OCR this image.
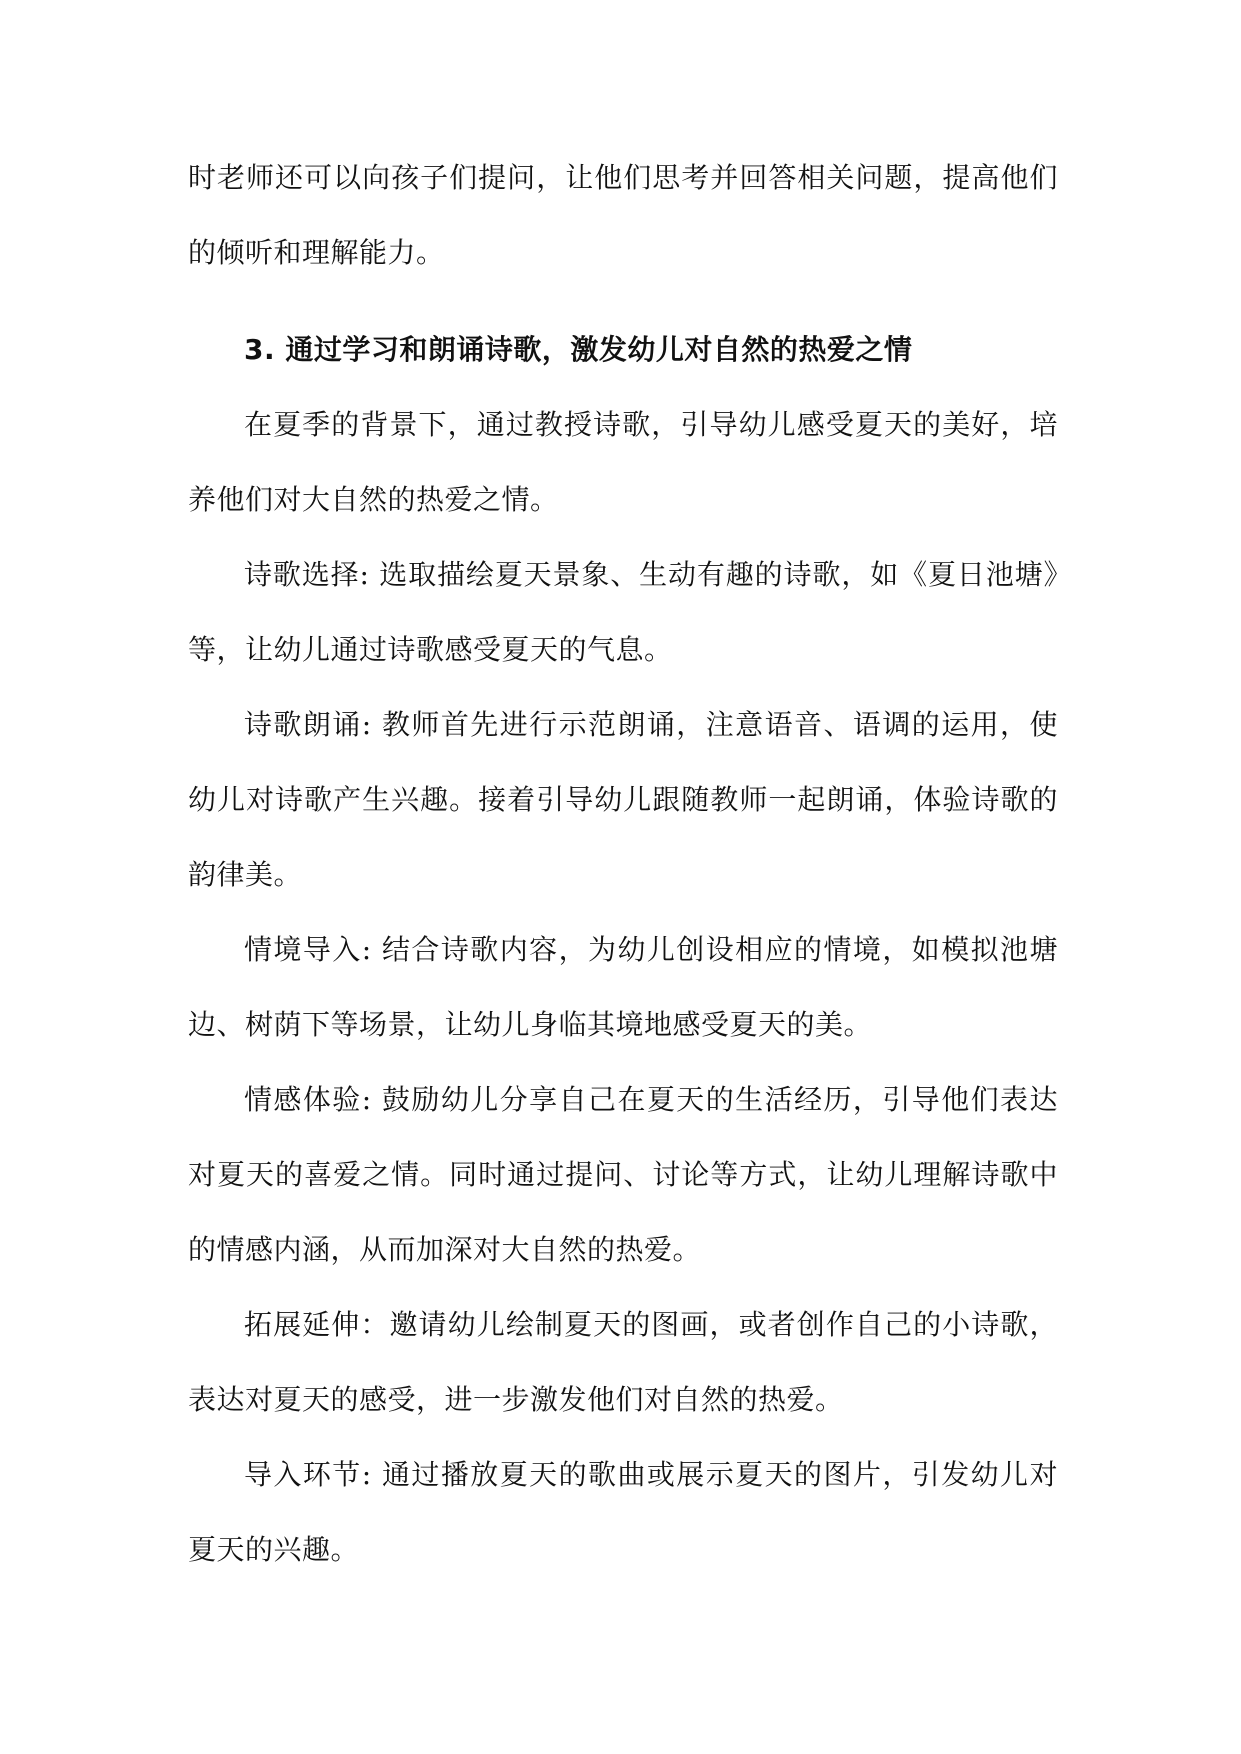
时老师还可以向孩子们提问，让他们思考并回答相关问题，提高他们的倾听和理解能力。

3. 通过学习和朗诵诗歌，激发幼儿对自然的热爱之情

在夏季的背景下，通过教授诗歌，引导幼儿感受夏天的美好，培养他们对大自然的热爱之情。

诗歌选择: 选取描绘夏天景象、生动有趣的诗歌，如《夏日池塘》等，让幼儿通过诗歌感受夏天的气息。

诗歌朗诵: 教师首先进行示范朗诵，注意语音、语调的运用，使幼儿对诗歌产生兴趣。接着引导幼儿跟随教师一起朗诵，体验诗歌的韵律美。

情境导入: 结合诗歌内容，为幼儿创设相应的情境，如模拟池塘边、树荫下等场景，让幼儿身临其境地感受夏天的美。

情感体验: 鼓励幼儿分享自己在夏天的生活经历，引导他们表达对夏天的喜爱之情。同时通过提问、讨论等方式，让幼儿理解诗歌中的情感内涵，从而加深对大自然的热爱。

拓展延伸：邀请幼儿绘制夏天的图画，或者创作自己的小诗歌，表达对夏天的感受，进一步激发他们对自然的热爱。

导入环节: 通过播放夏天的歌曲或展示夏天的图片，引发幼儿对夏天的兴趣。
